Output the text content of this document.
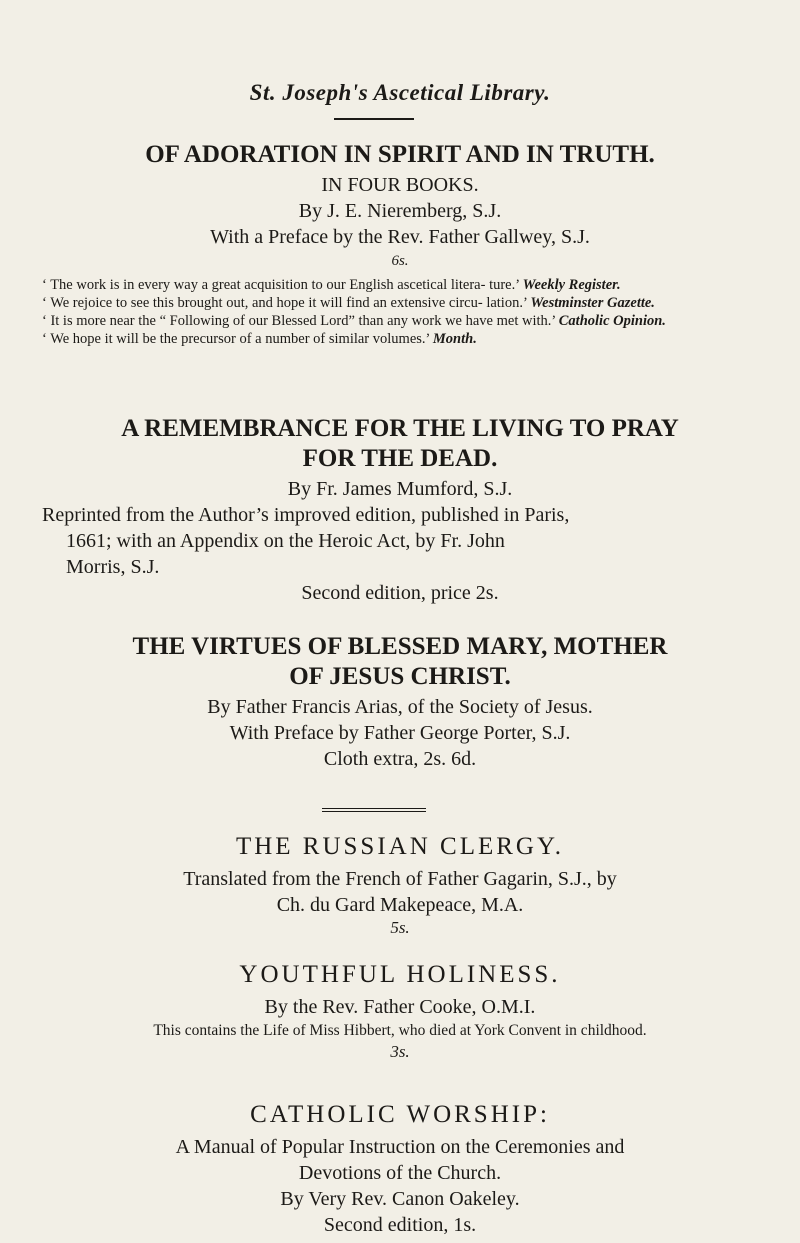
St. Joseph's Ascetical Library.
OF ADORATION IN SPIRIT AND IN TRUTH.
IN FOUR BOOKS.
By J. E. Nieremberg, S.J.
With a Preface by the Rev. Father Gallwey, S.J.
6s.
‘ The work is in every way a great acquisition to our English ascetical litera- ture.’ Weekly Register.
‘ We rejoice to see this brought out, and hope it will find an extensive circu- lation.’ Westminster Gazette.
‘ It is more near the “ Following of our Blessed Lord” than any work we have met with.’ Catholic Opinion.
‘ We hope it will be the precursor of a number of similar volumes.’ Month.
A REMEMBRANCE FOR THE LIVING TO PRAY
FOR THE DEAD.
By Fr. James Mumford, S.J.
Reprinted from the Author’s improved edition, published in Paris,
1661; with an Appendix on the Heroic Act, by Fr. John
Morris, S.J.
Second edition, price 2s.
THE VIRTUES OF BLESSED MARY, MOTHER
OF JESUS CHRIST.
By Father Francis Arias, of the Society of Jesus.
With Preface by Father George Porter, S.J.
Cloth extra, 2s. 6d.
THE RUSSIAN CLERGY.
Translated from the French of Father Gagarin, S.J., by
Ch. du Gard Makepeace, M.A.
5s.
YOUTHFUL HOLINESS.
By the Rev. Father Cooke, O.M.I.
This contains the Life of Miss Hibbert, who died at York Convent in childhood.
3s.
CATHOLIC WORSHIP:
A Manual of Popular Instruction on the Ceremonies and
Devotions of the Church.
By Very Rev. Canon Oakeley.
Second edition, 1s.
